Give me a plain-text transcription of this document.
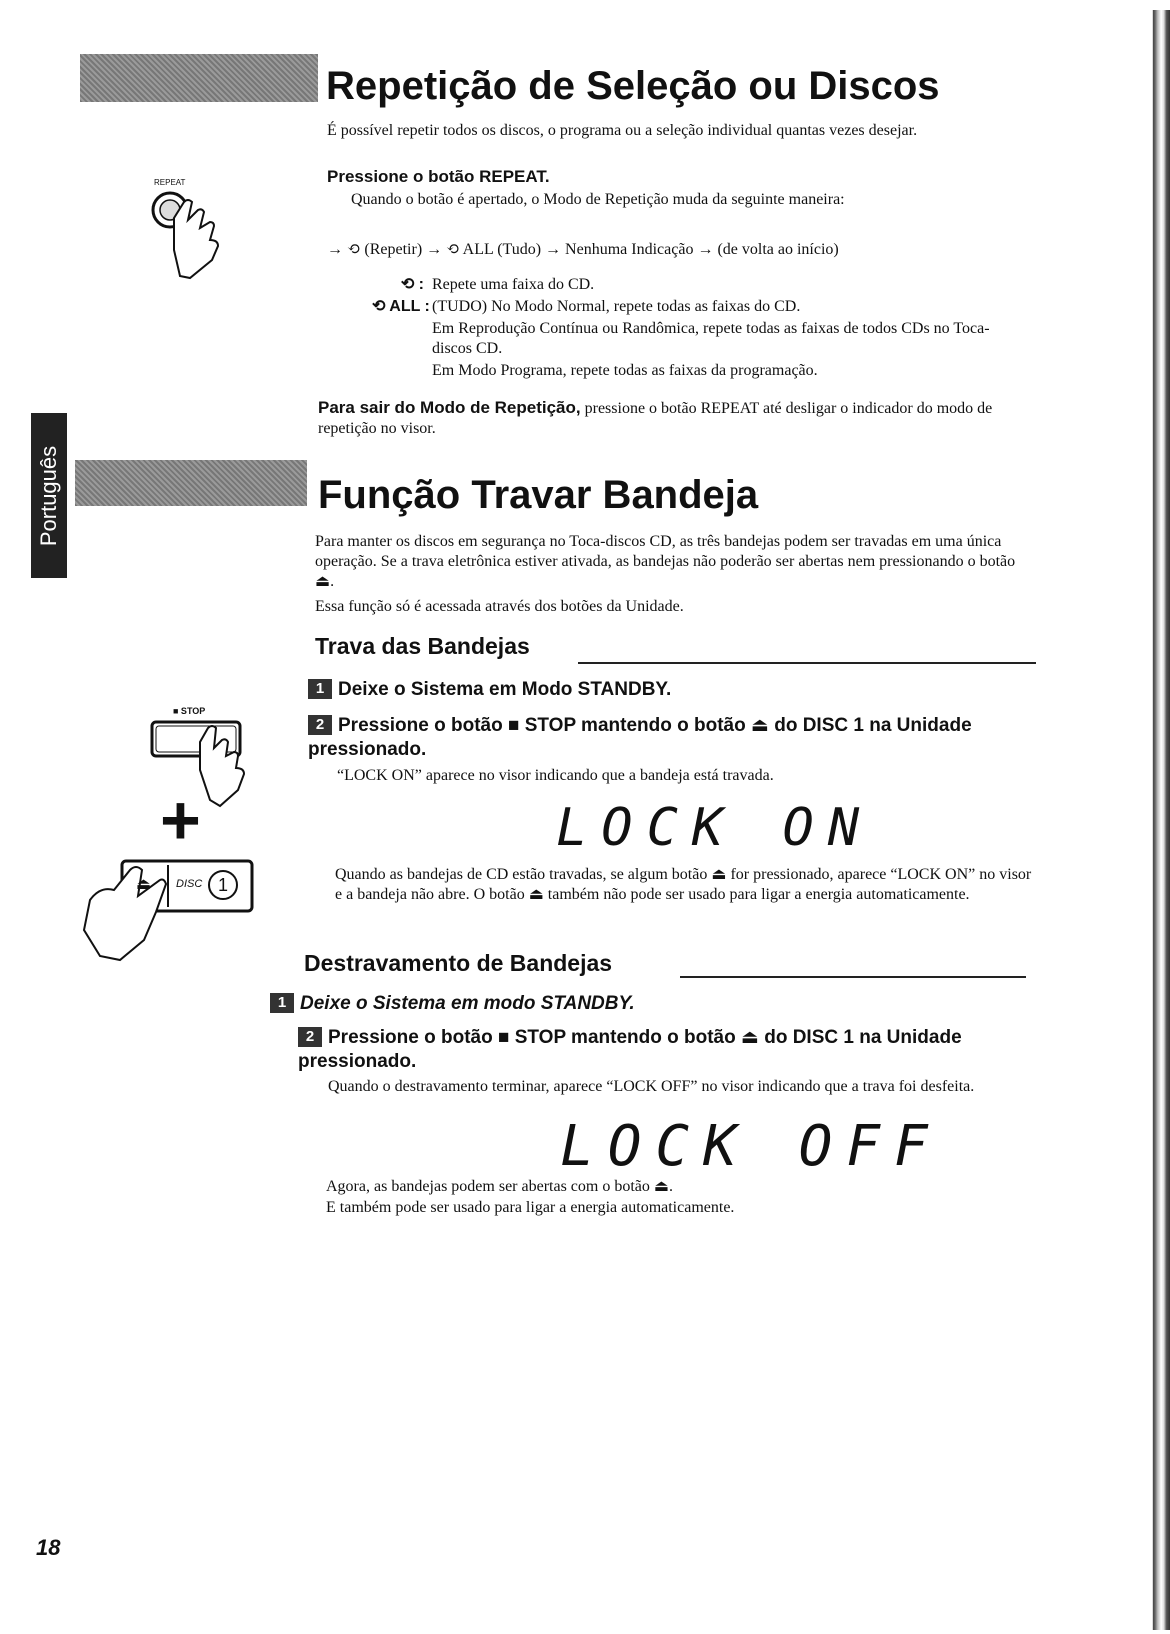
Português
Repetição de Seleção ou Discos
É possível repetir todos os discos, o programa ou a seleção individual quantas vezes desejar.
REPEAT	Pressione o botão REPEAT.
Quando o botão é apertado, o Modo de Repetição muda da seguinte maneira:
→ ⟲ (Repetir) → ⟲ ALL (Tudo) → Nenhuma Indicação → (de volta ao início)
⟲ : Repete uma faixa do CD.
⟲ ALL : (TUDO) No Modo Normal, repete todas as faixas do CD.
Em Reprodução Contínua ou Randômica, repete todas as faixas de todos CDs no Toca-discos CD.
Em Modo Programa, repete todas as faixas da programação.
Para sair do Modo de Repetição, pressione o botão REPEAT até desligar o indicador do modo de repetição no visor.
Função Travar Bandeja
Para manter os discos em segurança no Toca-discos CD, as três bandejas podem ser travadas em uma única operação. Se a trava eletrônica estiver ativada, as bandejas não poderão ser abertas nem pressionando o botão ⏏.
Essa função só é acessada através dos botões da Unidade.
Trava das Bandejas
1 Deixe o Sistema em Modo STANDBY.
2 Pressione o botão ■ STOP mantendo o botão ⏏ do DISC 1 na Unidade pressionado.
“LOCK ON” aparece no visor indicando que a bandeja está travada.
LOCK ON
Quando as bandejas de CD estão travadas, se algum botão ⏏ for pressionado, aparece “LOCK ON” no visor e a bandeja não abre. O botão ⏏ também não pode ser usado para ligar a energia automaticamente.
■ STOP
+
⏏ DISC 1
Destravamento de Bandejas
1 Deixe o Sistema em modo STANDBY.
2 Pressione o botão ■ STOP mantendo o botão ⏏ do DISC 1 na Unidade pressionado.
Quando o destravamento terminar, aparece “LOCK OFF” no visor indicando que a trava foi desfeita.
LOCK OFF
Agora, as bandejas podem ser abertas com o botão ⏏.
E também pode ser usado para ligar a energia automaticamente.
18
